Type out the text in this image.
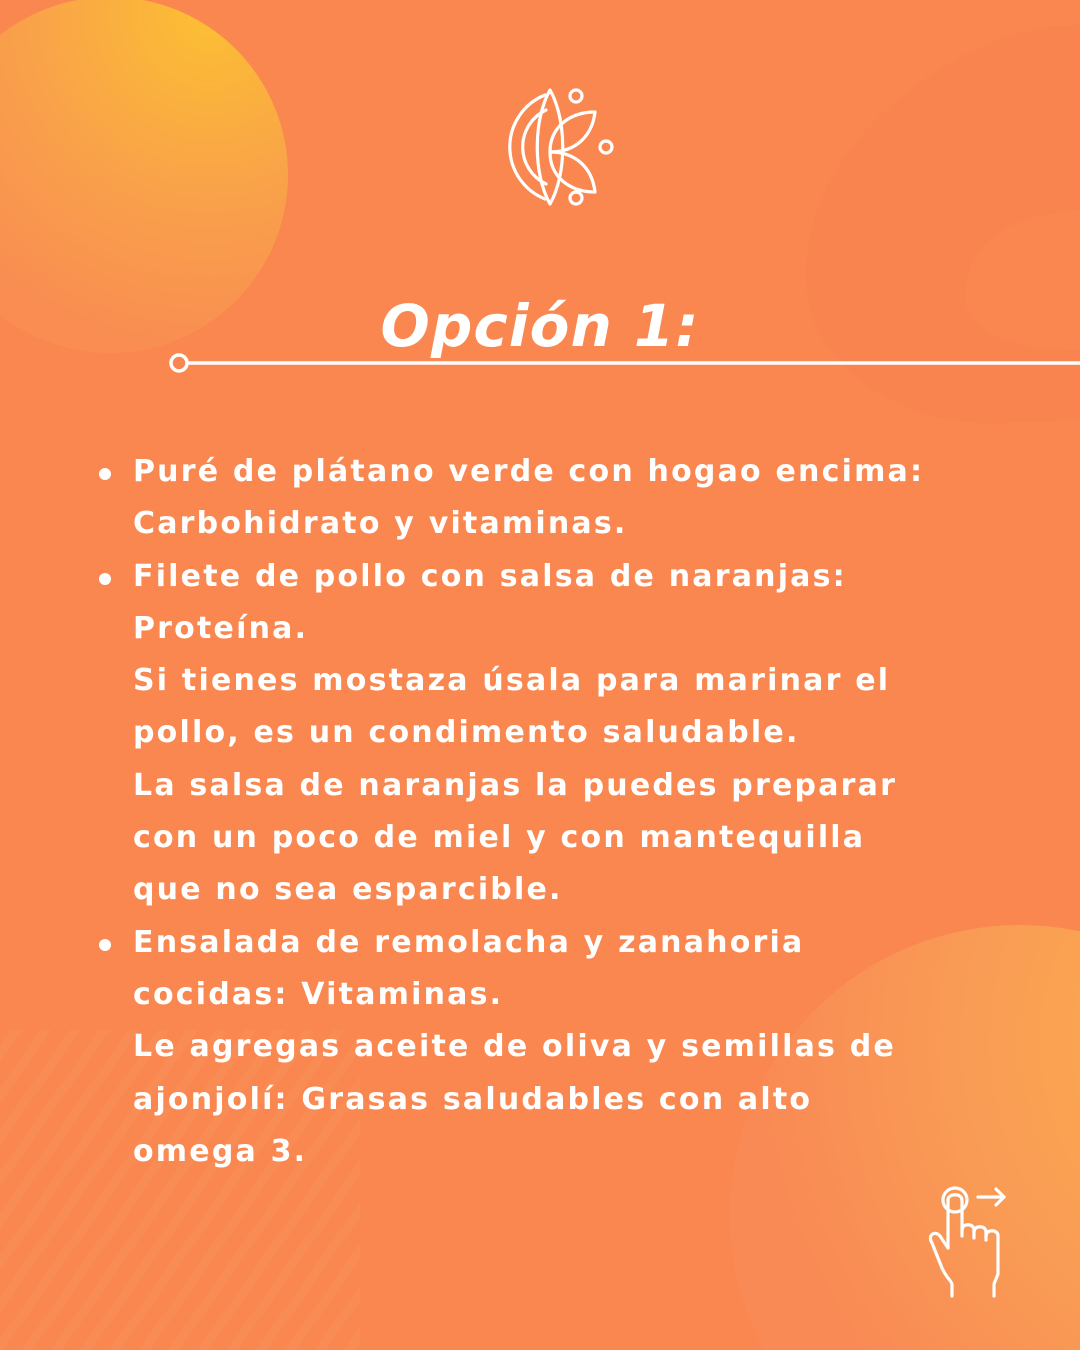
Opción 1:
Puré de plátano verde con hogao encima:
Carbohidrato y vitaminas.
Filete de pollo con salsa de naranjas:
Proteína.
Si tienes mostaza úsala para marinar el
pollo, es un condimento saludable.
La salsa de naranjas la puedes preparar
con un poco de miel y con mantequilla
que no sea esparcible.
Ensalada de remolacha y zanahoria
cocidas: Vitaminas.
Le agregas aceite de oliva y semillas de
ajonjolí: Grasas saludables con alto
omega 3.
